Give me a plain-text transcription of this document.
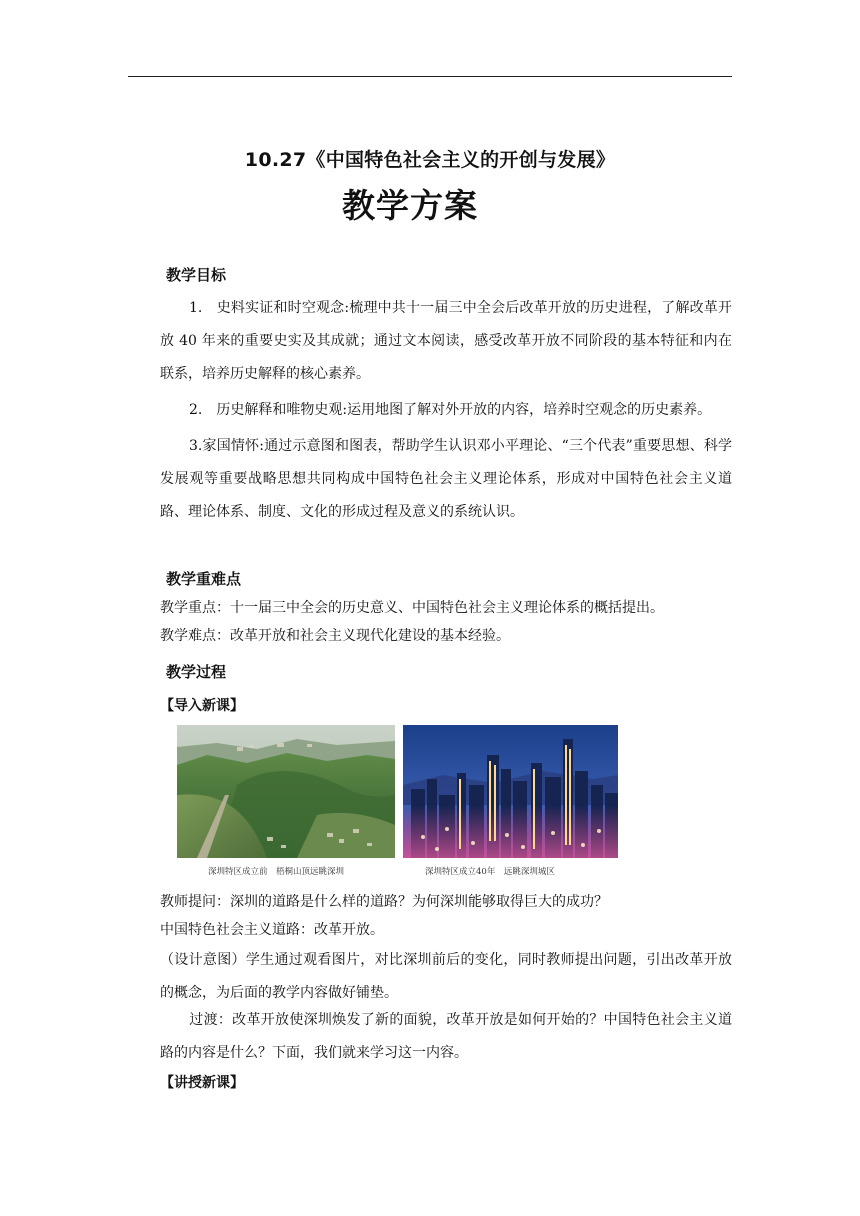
10.27《中国特色社会主义的开创与发展》
教学方案
教学目标
1.　史料实证和时空观念:梳理中共十一届三中全会后改革开放的历史进程，了解改革开放 40 年来的重要史实及其成就；通过文本阅读，感受改革开放不同阶段的基本特征和内在联系，培养历史解释的核心素养。
2.　历史解释和唯物史观:运用地图了解对外开放的内容，培养时空观念的历史素养。
3.家国情怀:通过示意图和图表，帮助学生认识邓小平理论、“三个代表”重要思想、科学发展观等重要战略思想共同构成中国特色社会主义理论体系，形成对中国特色社会主义道路、理论体系、制度、文化的形成过程及意义的系统认识。
教学重难点
教学重点：十一届三中全会的历史意义、中国特色社会主义理论体系的概括提出。
教学难点：改革开放和社会主义现代化建设的基本经验。
教学过程
【导入新课】
深圳特区成立前　梧桐山顶远眺深圳	深圳特区成立40年　远眺深圳城区
教师提问：深圳的道路是什么样的道路？为何深圳能够取得巨大的成功？
中国特色社会主义道路：改革开放。
（设计意图）学生通过观看图片，对比深圳前后的变化，同时教师提出问题，引出改革开放的概念，为后面的教学内容做好铺垫。
过渡：改革开放使深圳焕发了新的面貌，改革开放是如何开始的？中国特色社会主义道路的内容是什么？下面，我们就来学习这一内容。
【讲授新课】
